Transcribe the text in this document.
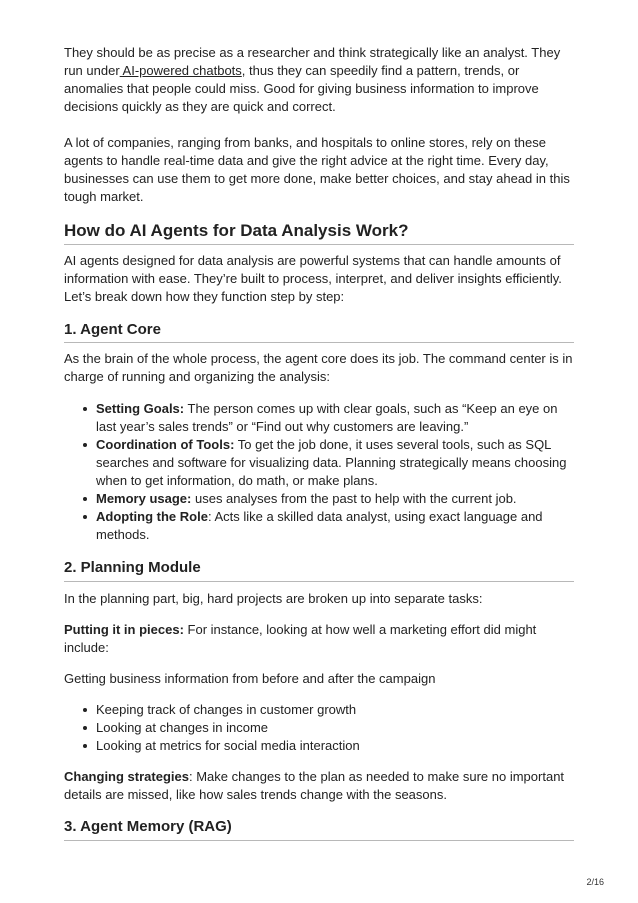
They should be as precise as a researcher and think strategically like an analyst. They run under AI-powered chatbots, thus they can speedily find a pattern, trends, or anomalies that people could miss. Good for giving business information to improve decisions quickly as they are quick and correct.

A lot of companies, ranging from banks, and hospitals to online stores, rely on these agents to handle real-time data and give the right advice at the right time. Every day, businesses can use them to get more done, make better choices, and stay ahead in this tough market.

How do AI Agents for Data Analysis Work?

AI agents designed for data analysis are powerful systems that can handle amounts of information with ease. They’re built to process, interpret, and deliver insights efficiently. Let’s break down how they function step by step:

1. Agent Core

As the brain of the whole process, the agent core does its job. The command center is in charge of running and organizing the analysis:

Setting Goals: The person comes up with clear goals, such as “Keep an eye on last year’s sales trends” or “Find out why customers are leaving.”
Coordination of Tools: To get the job done, it uses several tools, such as SQL searches and software for visualizing data. Planning strategically means choosing when to get information, do math, or make plans.
Memory usage: uses analyses from the past to help with the current job.
Adopting the Role: Acts like a skilled data analyst, using exact language and methods.
2. Planning Module

In the planning part, big, hard projects are broken up into separate tasks:

Putting it in pieces: For instance, looking at how well a marketing effort did might include:

Getting business information from before and after the campaign

Keeping track of changes in customer growth
Looking at changes in income
Looking at metrics for social media interaction

Changing strategies: Make changes to the plan as needed to make sure no important details are missed, like how sales trends change with the seasons.

3. Agent Memory (RAG)
2/16
